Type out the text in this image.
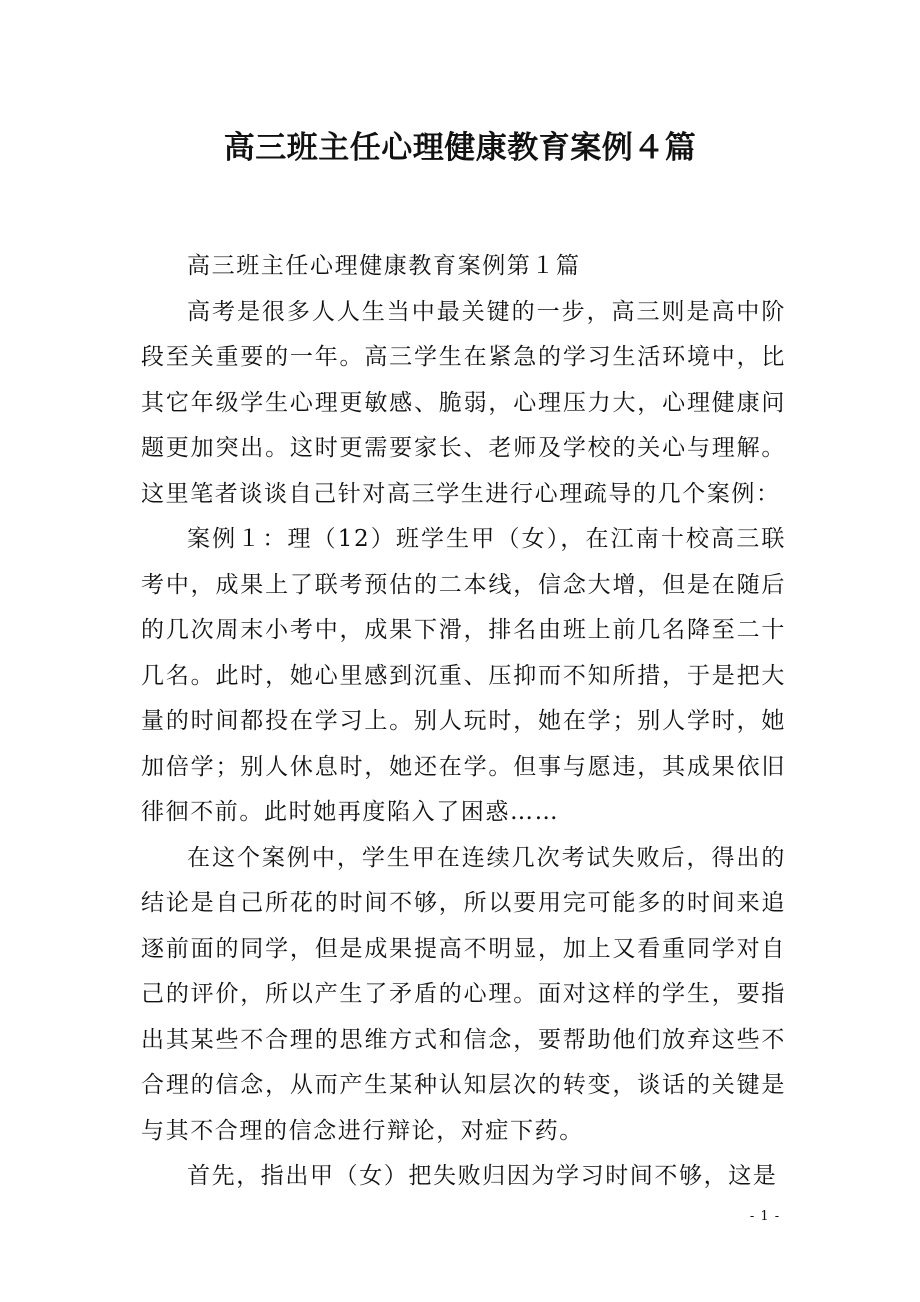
高三班主任心理健康教育案例４篇

高三班主任心理健康教育案例第１篇

高考是很多人人生当中最关键的一步，高三则是高中阶段至关重要的一年。高三学生在紧急的学习生活环境中，比其它年级学生心理更敏感、脆弱，心理压力大，心理健康问题更加突出。这时更需要家长、老师及学校的关心与理解。这里笔者谈谈自己针对高三学生进行心理疏导的几个案例：

案例１：理（12）班学生甲（女），在江南十校高三联考中，成果上了联考预估的二本线，信念大增，但是在随后的几次周末小考中，成果下滑，排名由班上前几名降至二十几名。此时，她心里感到沉重、压抑而不知所措，于是把大量的时间都投在学习上。别人玩时，她在学；别人学时，她加倍学；别人休息时，她还在学。但事与愿违，其成果依旧徘徊不前。此时她再度陷入了困惑……

在这个案例中，学生甲在连续几次考试失败后，得出的结论是自己所花的时间不够，所以要用完可能多的时间来追逐前面的同学，但是成果提高不明显，加上又看重同学对自己的评价，所以产生了矛盾的心理。面对这样的学生，要指出其某些不合理的思维方式和信念，要帮助他们放弃这些不合理的信念，从而产生某种认知层次的转变，谈话的关键是与其不合理的信念进行辩论，对症下药。

首先，指出甲（女）把失败归因为学习时间不够，这是

- 1 -
